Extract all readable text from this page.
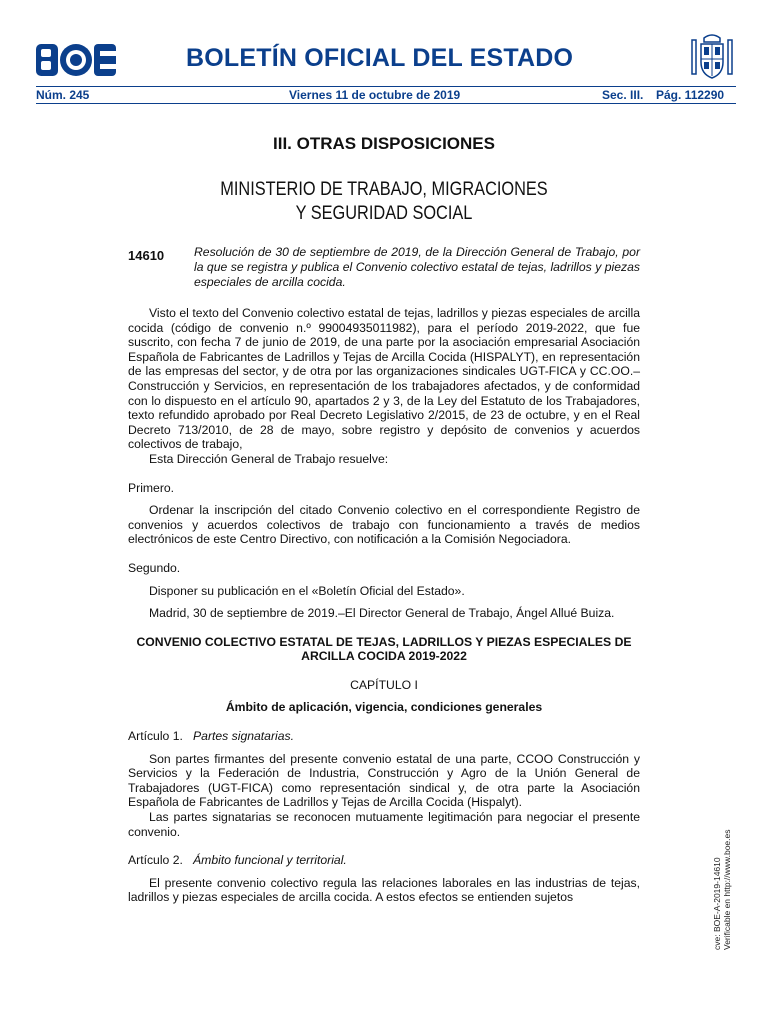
BOLETÍN OFICIAL DEL ESTADO
Núm. 245	Viernes 11 de octubre de 2019	Sec. III. Pág. 112290
III. OTRAS DISPOSICIONES
MINISTERIO DE TRABAJO, MIGRACIONES
Y SEGURIDAD SOCIAL
14610 Resolución de 30 de septiembre de 2019, de la Dirección General de Trabajo, por la que se registra y publica el Convenio colectivo estatal de tejas, ladrillos y piezas especiales de arcilla cocida.

Visto el texto del Convenio colectivo estatal de tejas, ladrillos y piezas especiales de arcilla cocida (código de convenio n.º 99004935011982), para el período 2019-2022, que fue suscrito, con fecha 7 de junio de 2019, de una parte por la asociación empresarial Asociación Española de Fabricantes de Ladrillos y Tejas de Arcilla Cocida (HISPALYT), en representación de las empresas del sector, y de otra por las organizaciones sindicales UGT-FICA y CC.OO.–Construcción y Servicios, en representación de los trabajadores afectados, y de conformidad con lo dispuesto en el artículo 90, apartados 2 y 3, de la Ley del Estatuto de los Trabajadores, texto refundido aprobado por Real Decreto Legislativo 2/2015, de 23 de octubre, y en el Real Decreto 713/2010, de 28 de mayo, sobre registro y depósito de convenios y acuerdos colectivos de trabajo,

Esta Dirección General de Trabajo resuelve:

Primero.

Ordenar la inscripción del citado Convenio colectivo en el correspondiente Registro de convenios y acuerdos colectivos de trabajo con funcionamiento a través de medios electrónicos de este Centro Directivo, con notificación a la Comisión Negociadora.

Segundo.

Disponer su publicación en el «Boletín Oficial del Estado».

Madrid, 30 de septiembre de 2019.–El Director General de Trabajo, Ángel Allué Buiza.

CONVENIO COLECTIVO ESTATAL DE TEJAS, LADRILLOS Y PIEZAS ESPECIALES DE ARCILLA COCIDA 2019-2022

CAPÍTULO I

Ámbito de aplicación, vigencia, condiciones generales

Artículo 1. Partes signatarias.

Son partes firmantes del presente convenio estatal de una parte, CCOO Construcción y Servicios y la Federación de Industria, Construcción y Agro de la Unión General de Trabajadores (UGT-FICA) como representación sindical y, de otra parte la Asociación Española de Fabricantes de Ladrillos y Tejas de Arcilla Cocida (Hispalyt).

Las partes signatarias se reconocen mutuamente legitimación para negociar el presente convenio.

Artículo 2. Ámbito funcional y territorial.

El presente convenio colectivo regula las relaciones laborales en las industrias de tejas, ladrillos y piezas especiales de arcilla cocida. A estos efectos se entienden sujetos	cve: BOE-A-2019-14610 Verificable en http://www.boe.es
